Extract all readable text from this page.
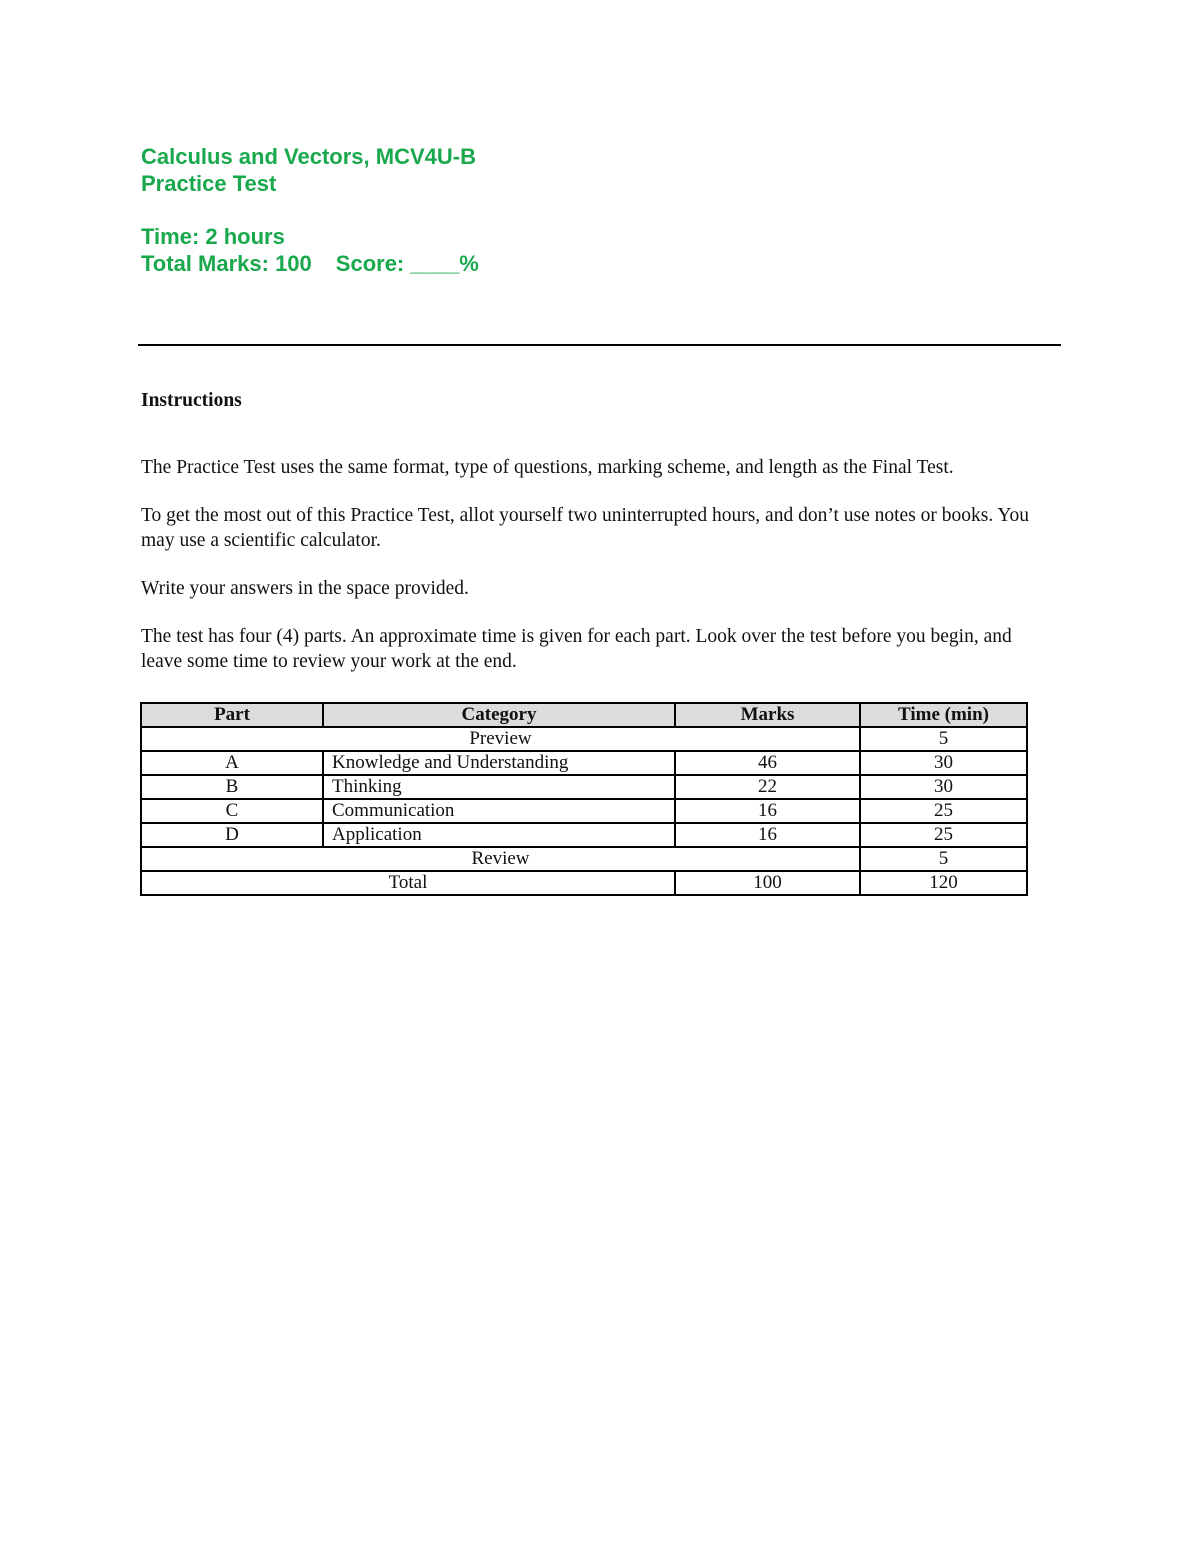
Calculus and Vectors, MCV4U-B
Practice Test
Time: 2 hours
Total Marks: 100 Score: ____%
Instructions

The Practice Test uses the same format, type of questions, marking scheme, and length as the Final Test.

To get the most out of this Practice Test, allot yourself two uninterrupted hours, and don’t use notes or books. You may use a scientific calculator.

Write your answers in the space provided.

The test has four (4) parts. An approximate time is given for each part. Look over the test before you begin, and leave some time to review your work at the end.

Part	Category	Marks	Time (min)
Preview			5
A	Knowledge and Understanding	46	30
B	Thinking	22	30
C	Communication	16	25
D	Application	16	25
Review			5
Total		100	120
